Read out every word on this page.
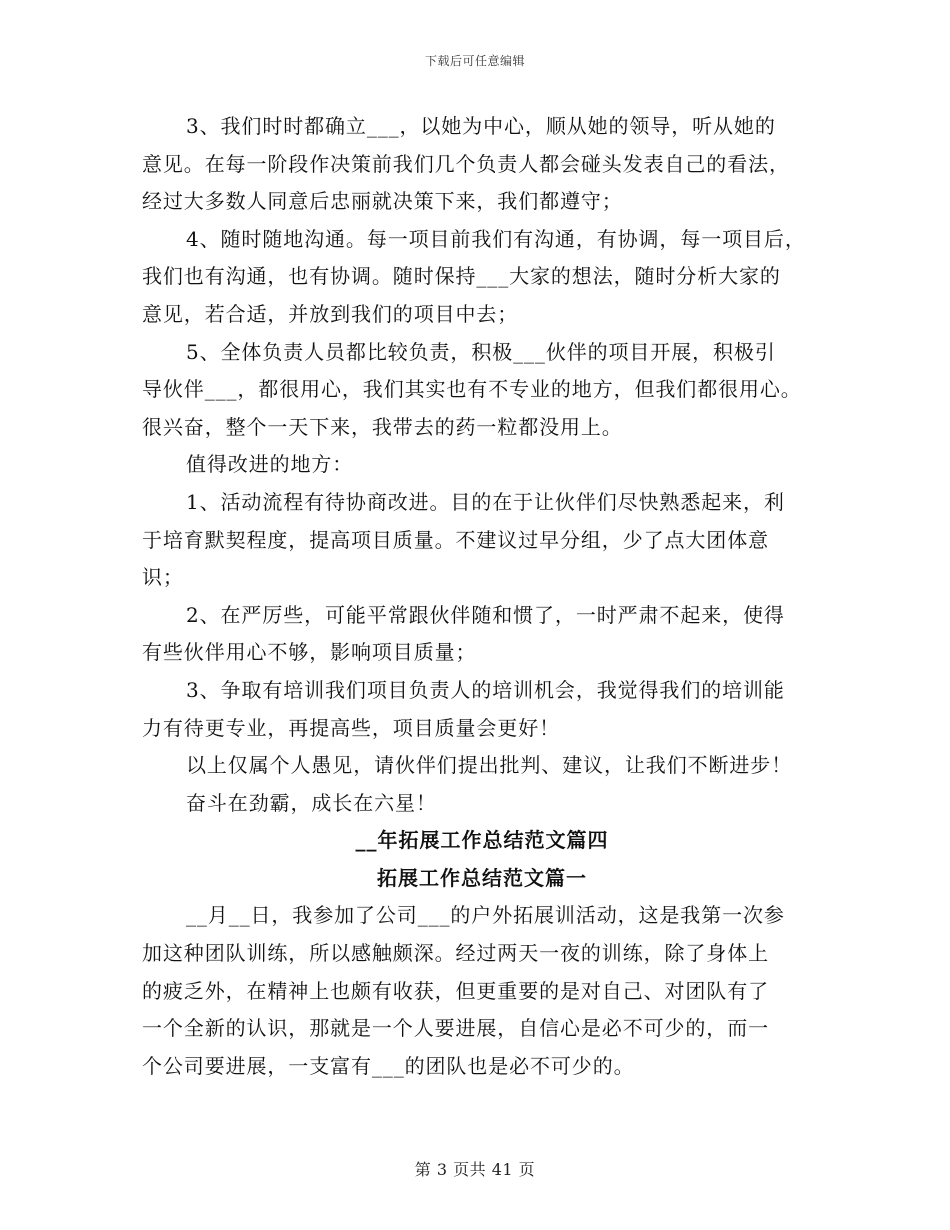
下载后可任意编辑

3、我们时时都确立___，以她为中心，顺从她的领导，听从她的

意见。在每一阶段作决策前我们几个负责人都会碰头发表自己的看法，

经过大多数人同意后忠丽就决策下来，我们都遵守；

4、随时随地沟通。每一项目前我们有沟通，有协调，每一项目后，

我们也有沟通，也有协调。随时保持___大家的想法，随时分析大家的

意见，若合适，并放到我们的项目中去；

5、全体负责人员都比较负责，积极___伙伴的项目开展，积极引

导伙伴___，都很用心，我们其实也有不专业的地方，但我们都很用心。

很兴奋，整个一天下来，我带去的药一粒都没用上。

值得改进的地方：

1、活动流程有待协商改进。目的在于让伙伴们尽快熟悉起来，利

于培育默契程度，提高项目质量。不建议过早分组，少了点大团体意

识；

2、在严厉些，可能平常跟伙伴随和惯了，一时严肃不起来，使得

有些伙伴用心不够，影响项目质量；

3、争取有培训我们项目负责人的培训机会，我觉得我们的培训能

力有待更专业，再提高些，项目质量会更好！

以上仅属个人愚见，请伙伴们提出批判、建议，让我们不断进步！

奋斗在劲霸，成长在六星！

__年拓展工作总结范文篇四

拓展工作总结范文篇一

__月__日，我参加了公司___的户外拓展训活动，这是我第一次参

加这种团队训练，所以感触颇深。经过两天一夜的训练，除了身体上

的疲乏外，在精神上也颇有收获，但更重要的是对自己、对团队有了

一个全新的认识，那就是一个人要进展，自信心是必不可少的，而一

个公司要进展，一支富有___的团队也是必不可少的。

第 3 页共 41 页
